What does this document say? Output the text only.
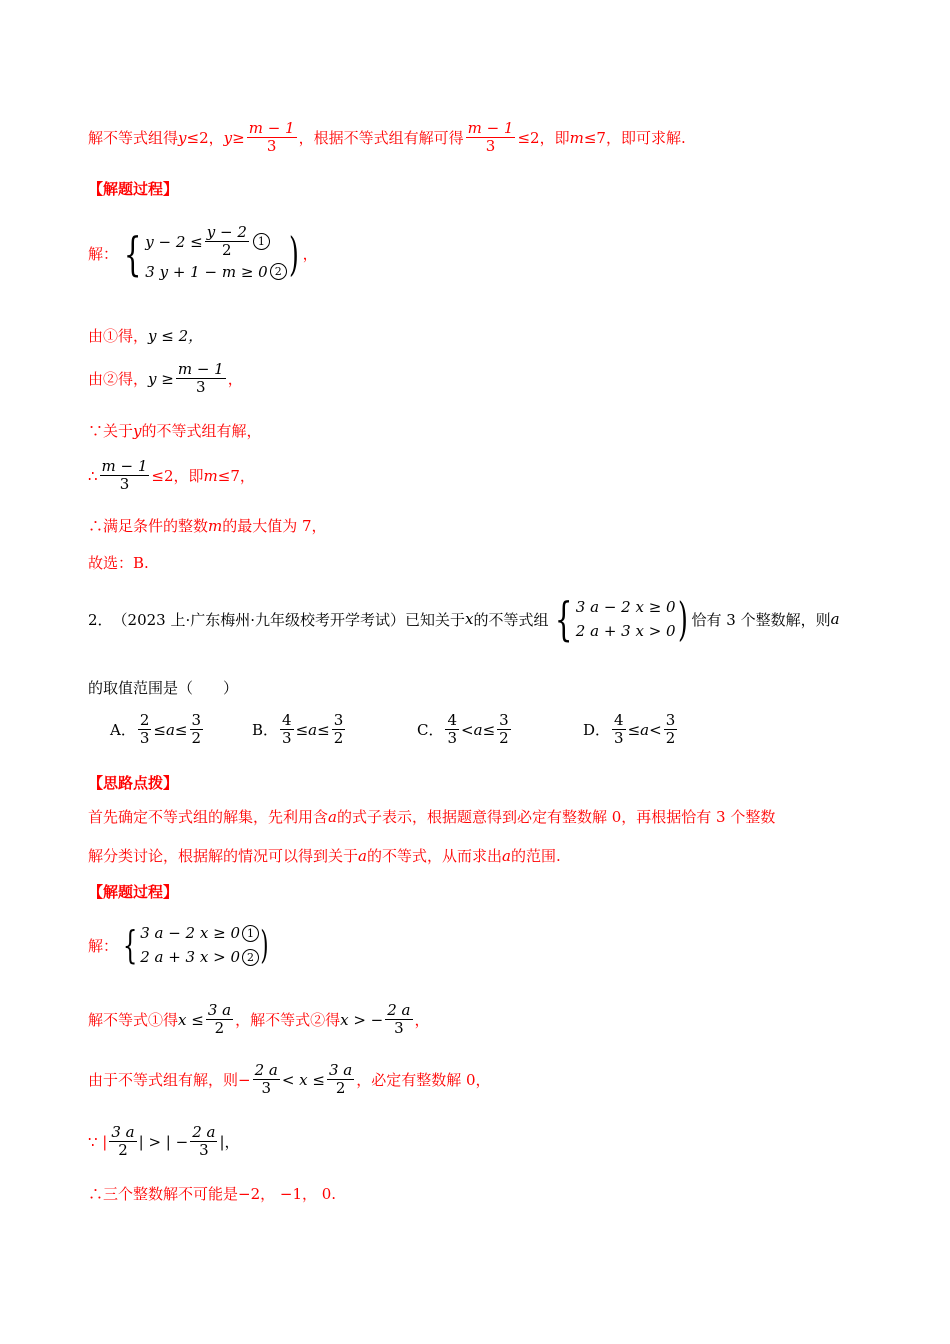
解不等式组得 y ≤ 2 ， $y \ge \frac{m - 1}{3}$ ，根据不等式组有解可得 $\frac{m - 1}{3} \le 2$ ，即 m ≤7 ，即可求解.
【解题过程】
解： { $y - 2 \le \frac{y - 2}{2} 1$
3 y + 1 − m ≥ 0 2 ) ，
由①得， y ≤ 2，
由②得， $y \ge \frac{m - 1}{3}$ ，
∵关于 y 的不等式组有解，
∴ $\frac{m - 1}{3} \le 2$，即 m ≤7，
∴满足条件的整数 m 的最大值为 7，
故选：B.
2． （2023 上·广东梅州·九年级校考开学考试）已知关于 x 的不等式组 { 3 a − 2 x ≥ 0
2 a + 3 x > 0 ) 恰有 3 个整数解，则 a
的取值范围是（　　）
A． $\frac{2}{3} \le a \le \frac{3}{2}$	B． $\frac{4}{3} \le a \le \frac{3}{2}$	C． $\frac{4}{3} < a \le \frac{3}{2}$	D． $\frac{4}{3} \le a < \frac{3}{2}$
【思路点拨】
首先确定不等式组的解集，先利用含 a 的式子表示，根据题意得到必定有整数解 0，再根据恰有 3 个整数
解分类讨论，根据解的情况可以得到关于 a 的不等式，从而求出 a 的范围.
【解题过程】
解： { 3 a − 2 x ≥ 0 1
2 a + 3 x > 0 2 )
解不等式①得 $x \le \frac{3 a}{2}$ ，解不等式②得 x > − $\frac{2 a}{3}$ ，
由于不等式组有解，则− $\frac{2 a}{3} < x \le \frac{3 a}{2}$ ，必定有整数解 0，
∵ | $\frac{3 a}{2}$ | > | − $\frac{2 a}{3}$ |，
∴三个整数解不可能是−2， −1， 0.
